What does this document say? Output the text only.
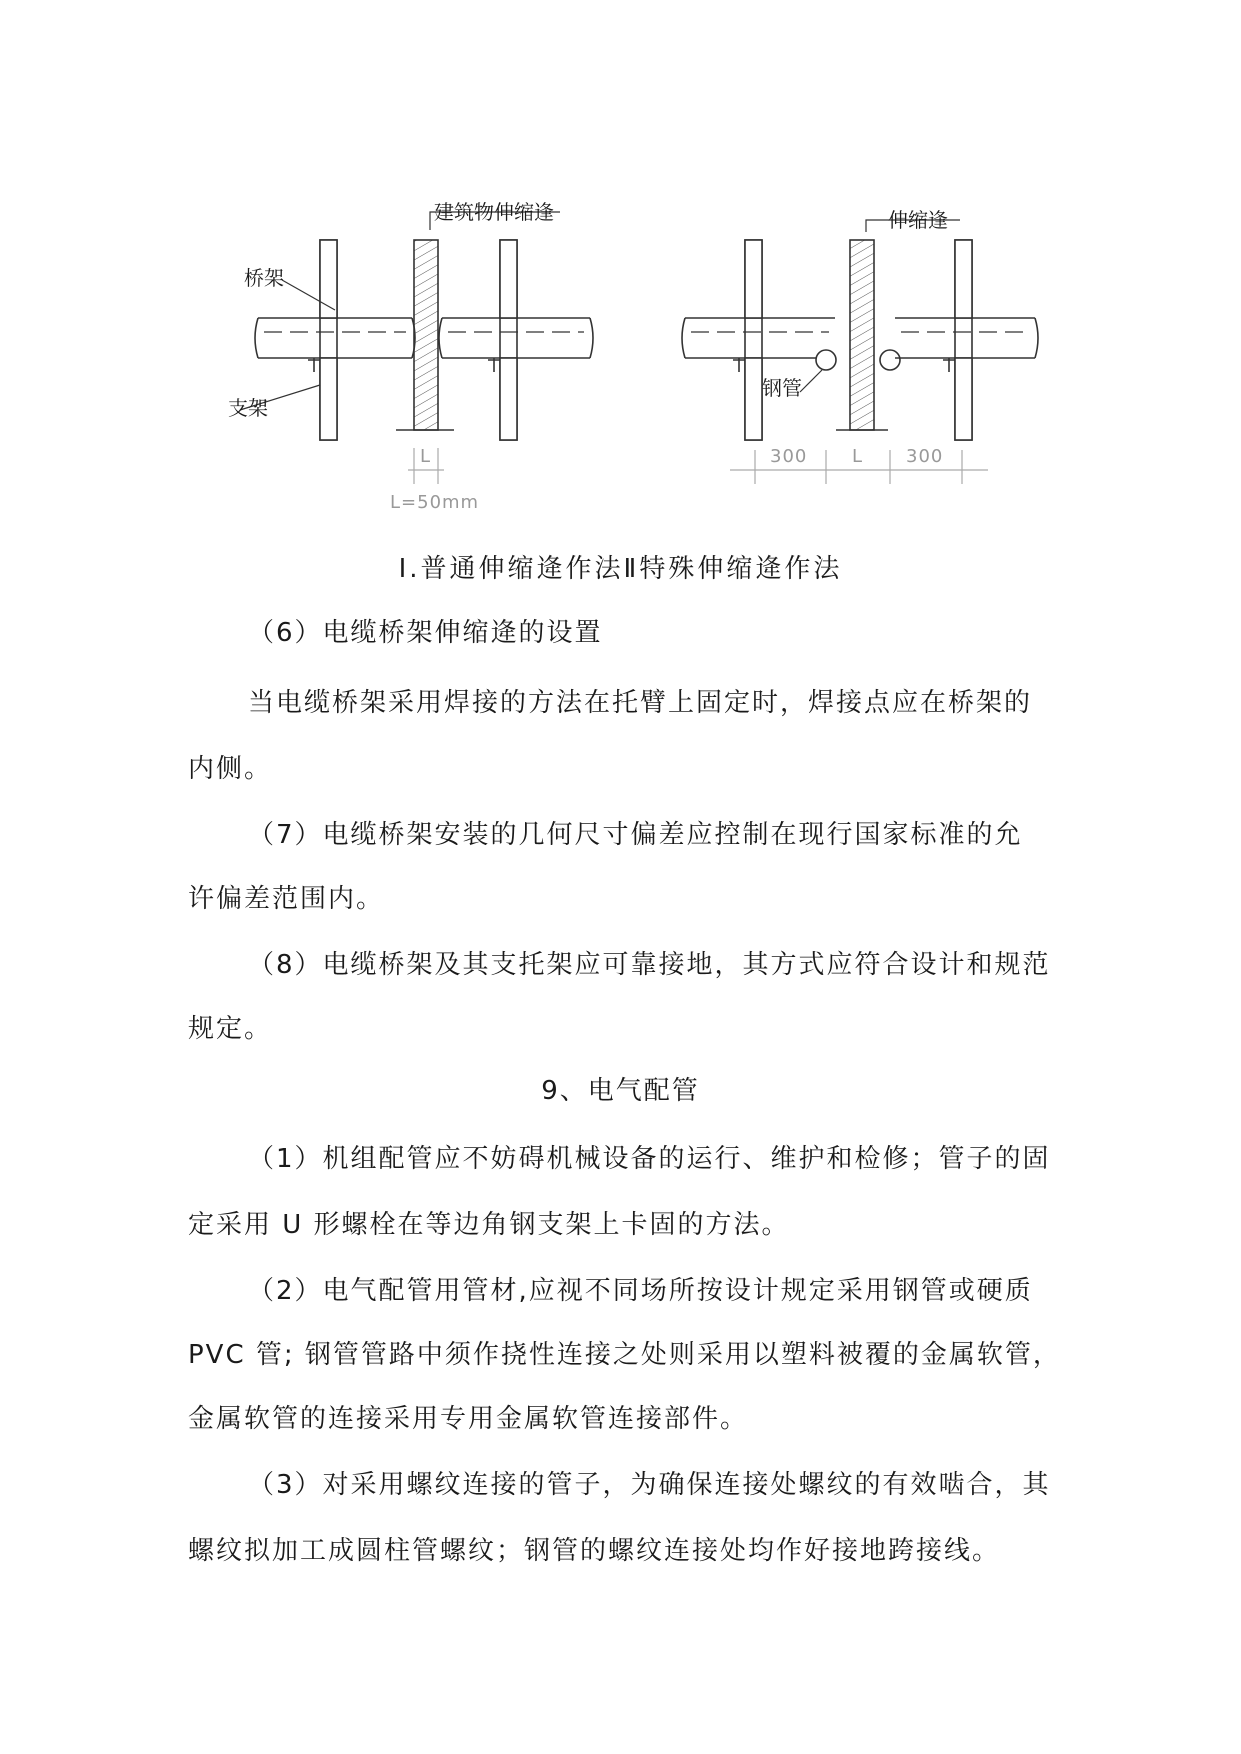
建筑物伸缩逢
桥架
支架
伸缩逢
钢管
L
L=50mm
L
300	300
Ⅰ.普通伸缩逄作法Ⅱ特殊伸缩逄作法
（6）电缆桥架伸缩逄的设置
当电缆桥架采用焊接的方法在托臂上固定时，焊接点应在桥架的
内侧。
（7）电缆桥架安装的几何尺寸偏差应控制在现行国家标准的允
许偏差范围内。
（8）电缆桥架及其支托架应可靠接地，其方式应符合设计和规范
规定。
9、电气配管
（1）机组配管应不妨碍机械设备的运行、维护和检修；管子的固
定采用 U 形螺栓在等边角钢支架上卡固的方法。
（2）电气配管用管材,应视不同场所按设计规定采用钢管或硬质
PVC 管; 钢管管路中须作挠性连接之处则采用以塑料被覆的金属软管，
金属软管的连接采用专用金属软管连接部件。
（3）对采用螺纹连接的管子，为确保连接处螺纹的有效啮合，其
螺纹拟加工成圆柱管螺纹；钢管的螺纹连接处均作好接地跨接线。
